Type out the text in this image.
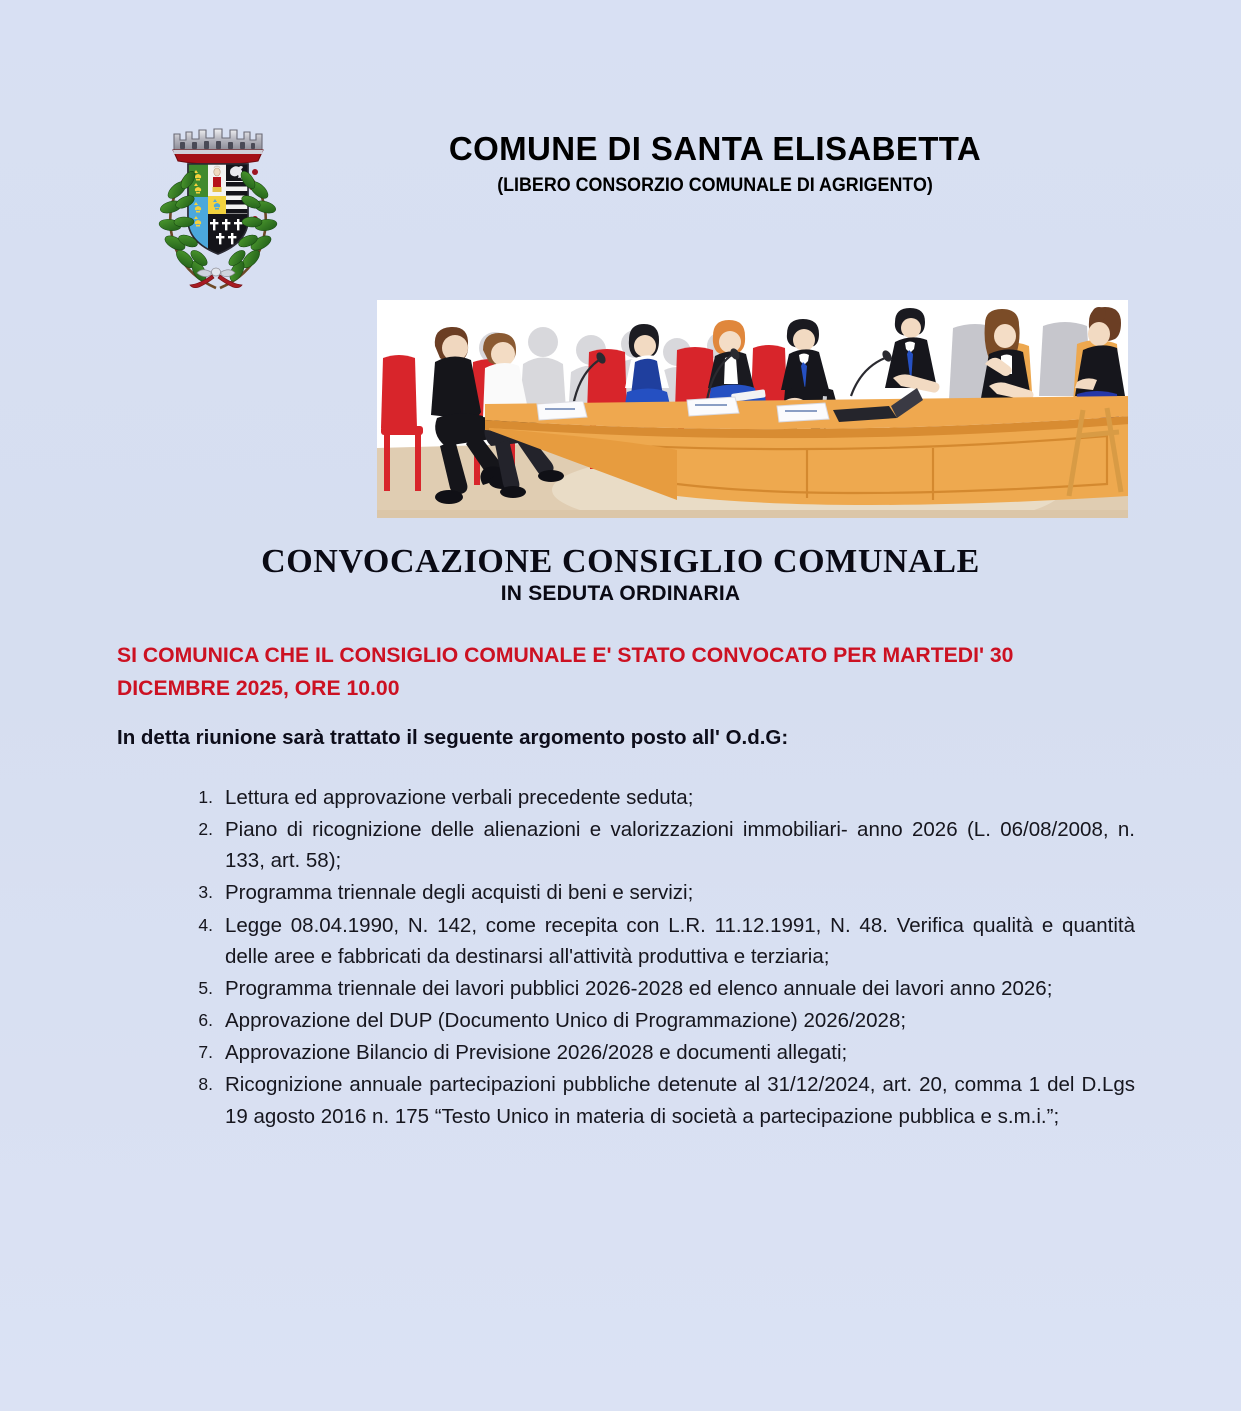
COMUNE DI SANTA ELISABETTA
(LIBERO CONSORZIO COMUNALE DI AGRIGENTO)
CONVOCAZIONE CONSIGLIO COMUNALE
IN SEDUTA ORDINARIA
SI COMUNICA CHE IL CONSIGLIO COMUNALE E' STATO CONVOCATO PER MARTEDI' 30 DICEMBRE 2025, ORE 10.00
In detta riunione sarà trattato il seguente argomento posto all' O.d.G:
1. Lettura ed approvazione verbali precedente seduta;
2. Piano di ricognizione delle alienazioni e valorizzazioni immobiliari- anno 2026 (L. 06/08/2008, n. 133, art. 58);
3. Programma triennale degli acquisti di beni e servizi;
4. Legge 08.04.1990, N. 142, come recepita con L.R. 11.12.1991, N. 48. Verifica qualità e quantità delle aree e fabbricati da destinarsi all'attività produttiva e terziaria;
5. Programma triennale dei lavori pubblici 2026-2028 ed elenco annuale dei lavori anno 2026;
6. Approvazione del DUP (Documento Unico di Programmazione) 2026/2028;
7. Approvazione Bilancio di Previsione 2026/2028 e documenti allegati;
8. Ricognizione annuale partecipazioni pubbliche detenute al 31/12/2024, art. 20, comma 1 del D.Lgs 19 agosto 2016 n. 175 “Testo Unico in materia di società a partecipazione pubblica e s.m.i.”;
